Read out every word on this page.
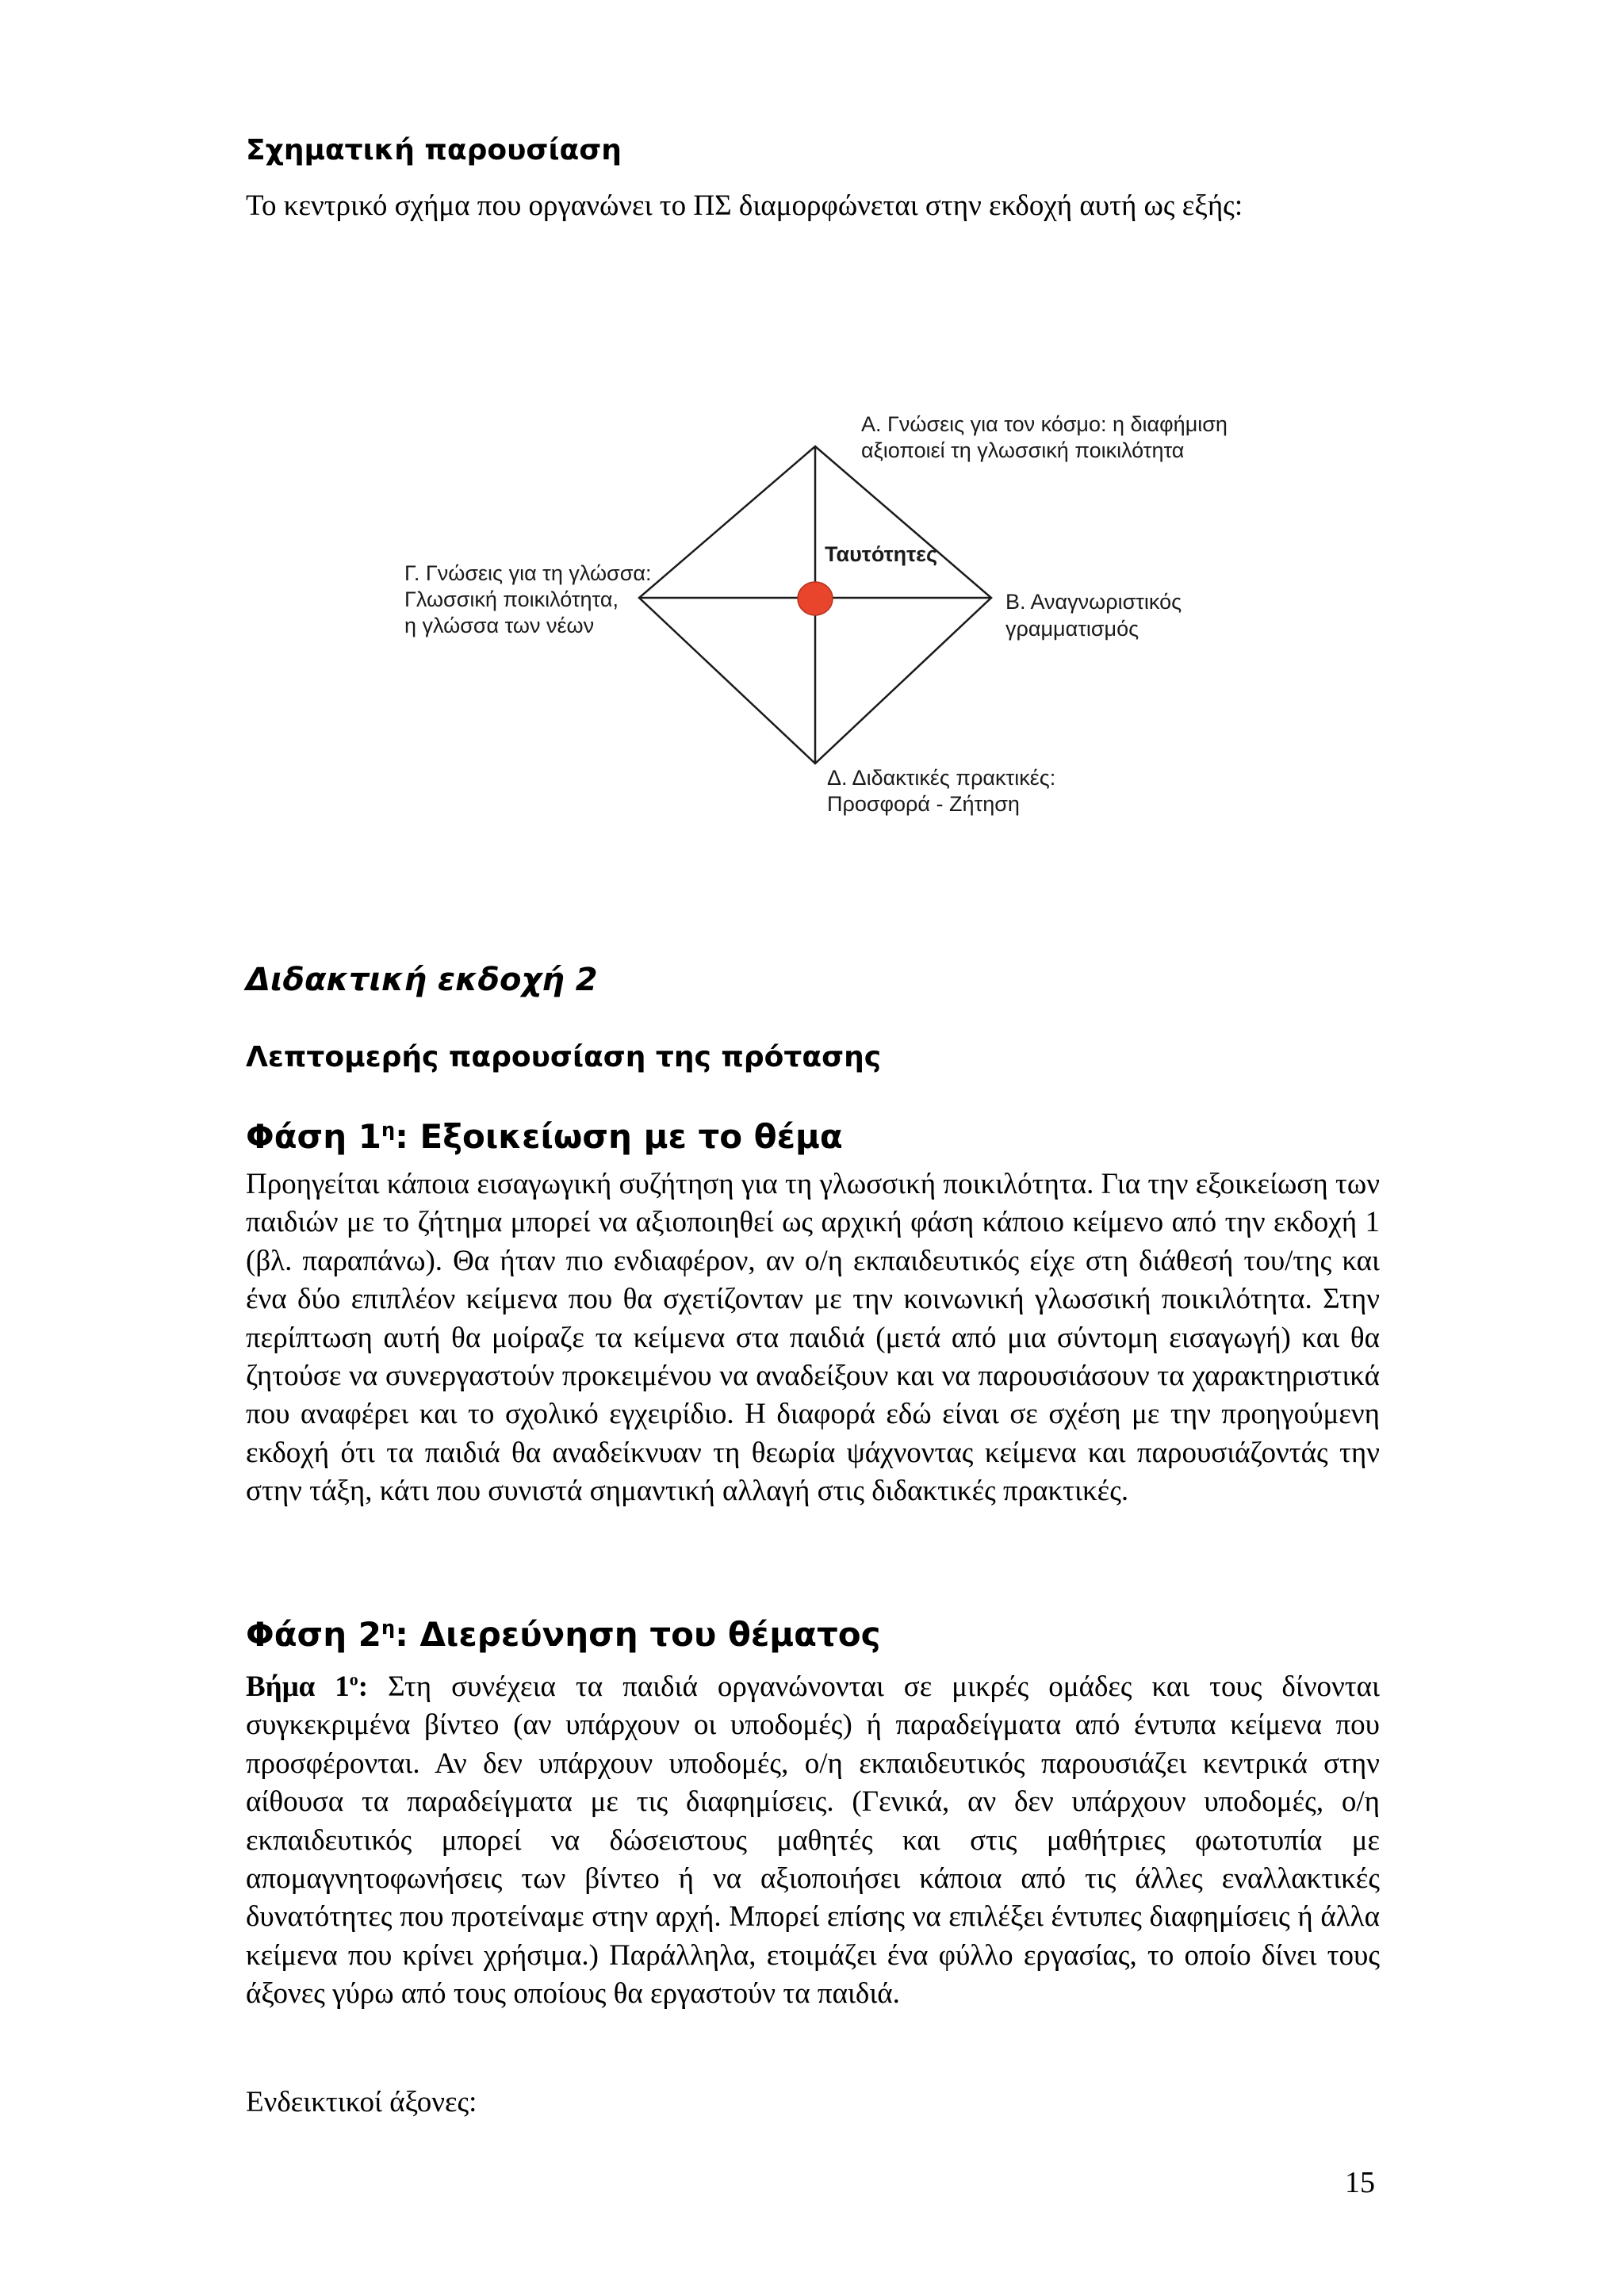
Σχηματική παρουσίαση
Το κεντρικό σχήμα που οργανώνει το ΠΣ διαμορφώνεται στην εκδοχή αυτή ως εξής:
Α. Γνώσεις για τον κόσμο: η διαφήμιση
αξιοποιεί τη γλωσσική ποικιλότητα
Ταυτότητες
Γ. Γνώσεις για τη γλώσσα:
Γλωσσική ποικιλότητα,
η γλώσσα των νέων
Β. Αναγνωριστικός
γραμματισμός
Δ. Διδακτικές πρακτικές:
Προσφορά - Ζήτηση
Διδακτική εκδοχή 2
Λεπτομερής παρουσίαση της πρότασης
Φάση $1^\eta$: Εξοικείωση με το θέμα

Προηγείται κάποια εισαγωγική συζήτηση για τη γλωσσική ποικιλότητα. Για την εξοικείωση των παιδιών με το ζήτημα μπορεί να αξιοποιηθεί ως αρχική φάση κάποιο κείμενο από την εκδοχή 1 (βλ. παραπάνω). Θα ήταν πιο ενδιαφέρον, αν ο/η εκπαιδευτικός είχε στη διάθεσή του/της και ένα δύο επιπλέον κείμενα που θα σχετίζονταν με την κοινωνική γλωσσική ποικιλότητα. Στην περίπτωση αυτή θα μοίραζε τα κείμενα στα παιδιά (μετά από μια σύντομη εισαγωγή) και θα ζητούσε να συνεργαστούν προκειμένου να αναδείξουν και να παρουσιάσουν τα χαρακτηριστικά που αναφέρει και το σχολικό εγχειρίδιο. Η διαφορά εδώ είναι σε σχέση με την προηγούμενη εκδοχή ότι τα παιδιά θα αναδείκνυαν τη θεωρία ψάχνοντας κείμενα και παρουσιάζοντάς την στην τάξη, κάτι που συνιστά σημαντική αλλαγή στις διδακτικές πρακτικές.

Φάση $2^\eta$: Διερεύνηση του θέματος

Βήμα $1^o$: Στη συνέχεια τα παιδιά οργανώνονται σε μικρές ομάδες και τους δίνονται συγκεκριμένα βίντεο (αν υπάρχουν οι υποδομές) ή παραδείγματα από έντυπα κείμενα που προσφέρονται. Αν δεν υπάρχουν υποδομές, ο/η εκπαιδευτικός παρουσιάζει κεντρικά στην αίθουσα τα παραδείγματα με τις διαφημίσεις. (Γενικά, αν δεν υπάρχουν υποδομές, ο/η εκπαιδευτικός μπορεί να δώσειστους μαθητές και στις μαθήτριες φωτοτυπία με απομαγνητοφωνήσεις των βίντεο ή να αξιοποιήσει κάποια από τις άλλες εναλλακτικές δυνατότητες που προτείναμε στην αρχή. Μπορεί επίσης να επιλέξει έντυπες διαφημίσεις ή άλλα κείμενα που κρίνει χρήσιμα.) Παράλληλα, ετοιμάζει ένα φύλλο εργασίας, το οποίο δίνει τους άξονες γύρω από τους οποίους θα εργαστούν τα παιδιά.

Ενδεικτικοί άξονες:
15
